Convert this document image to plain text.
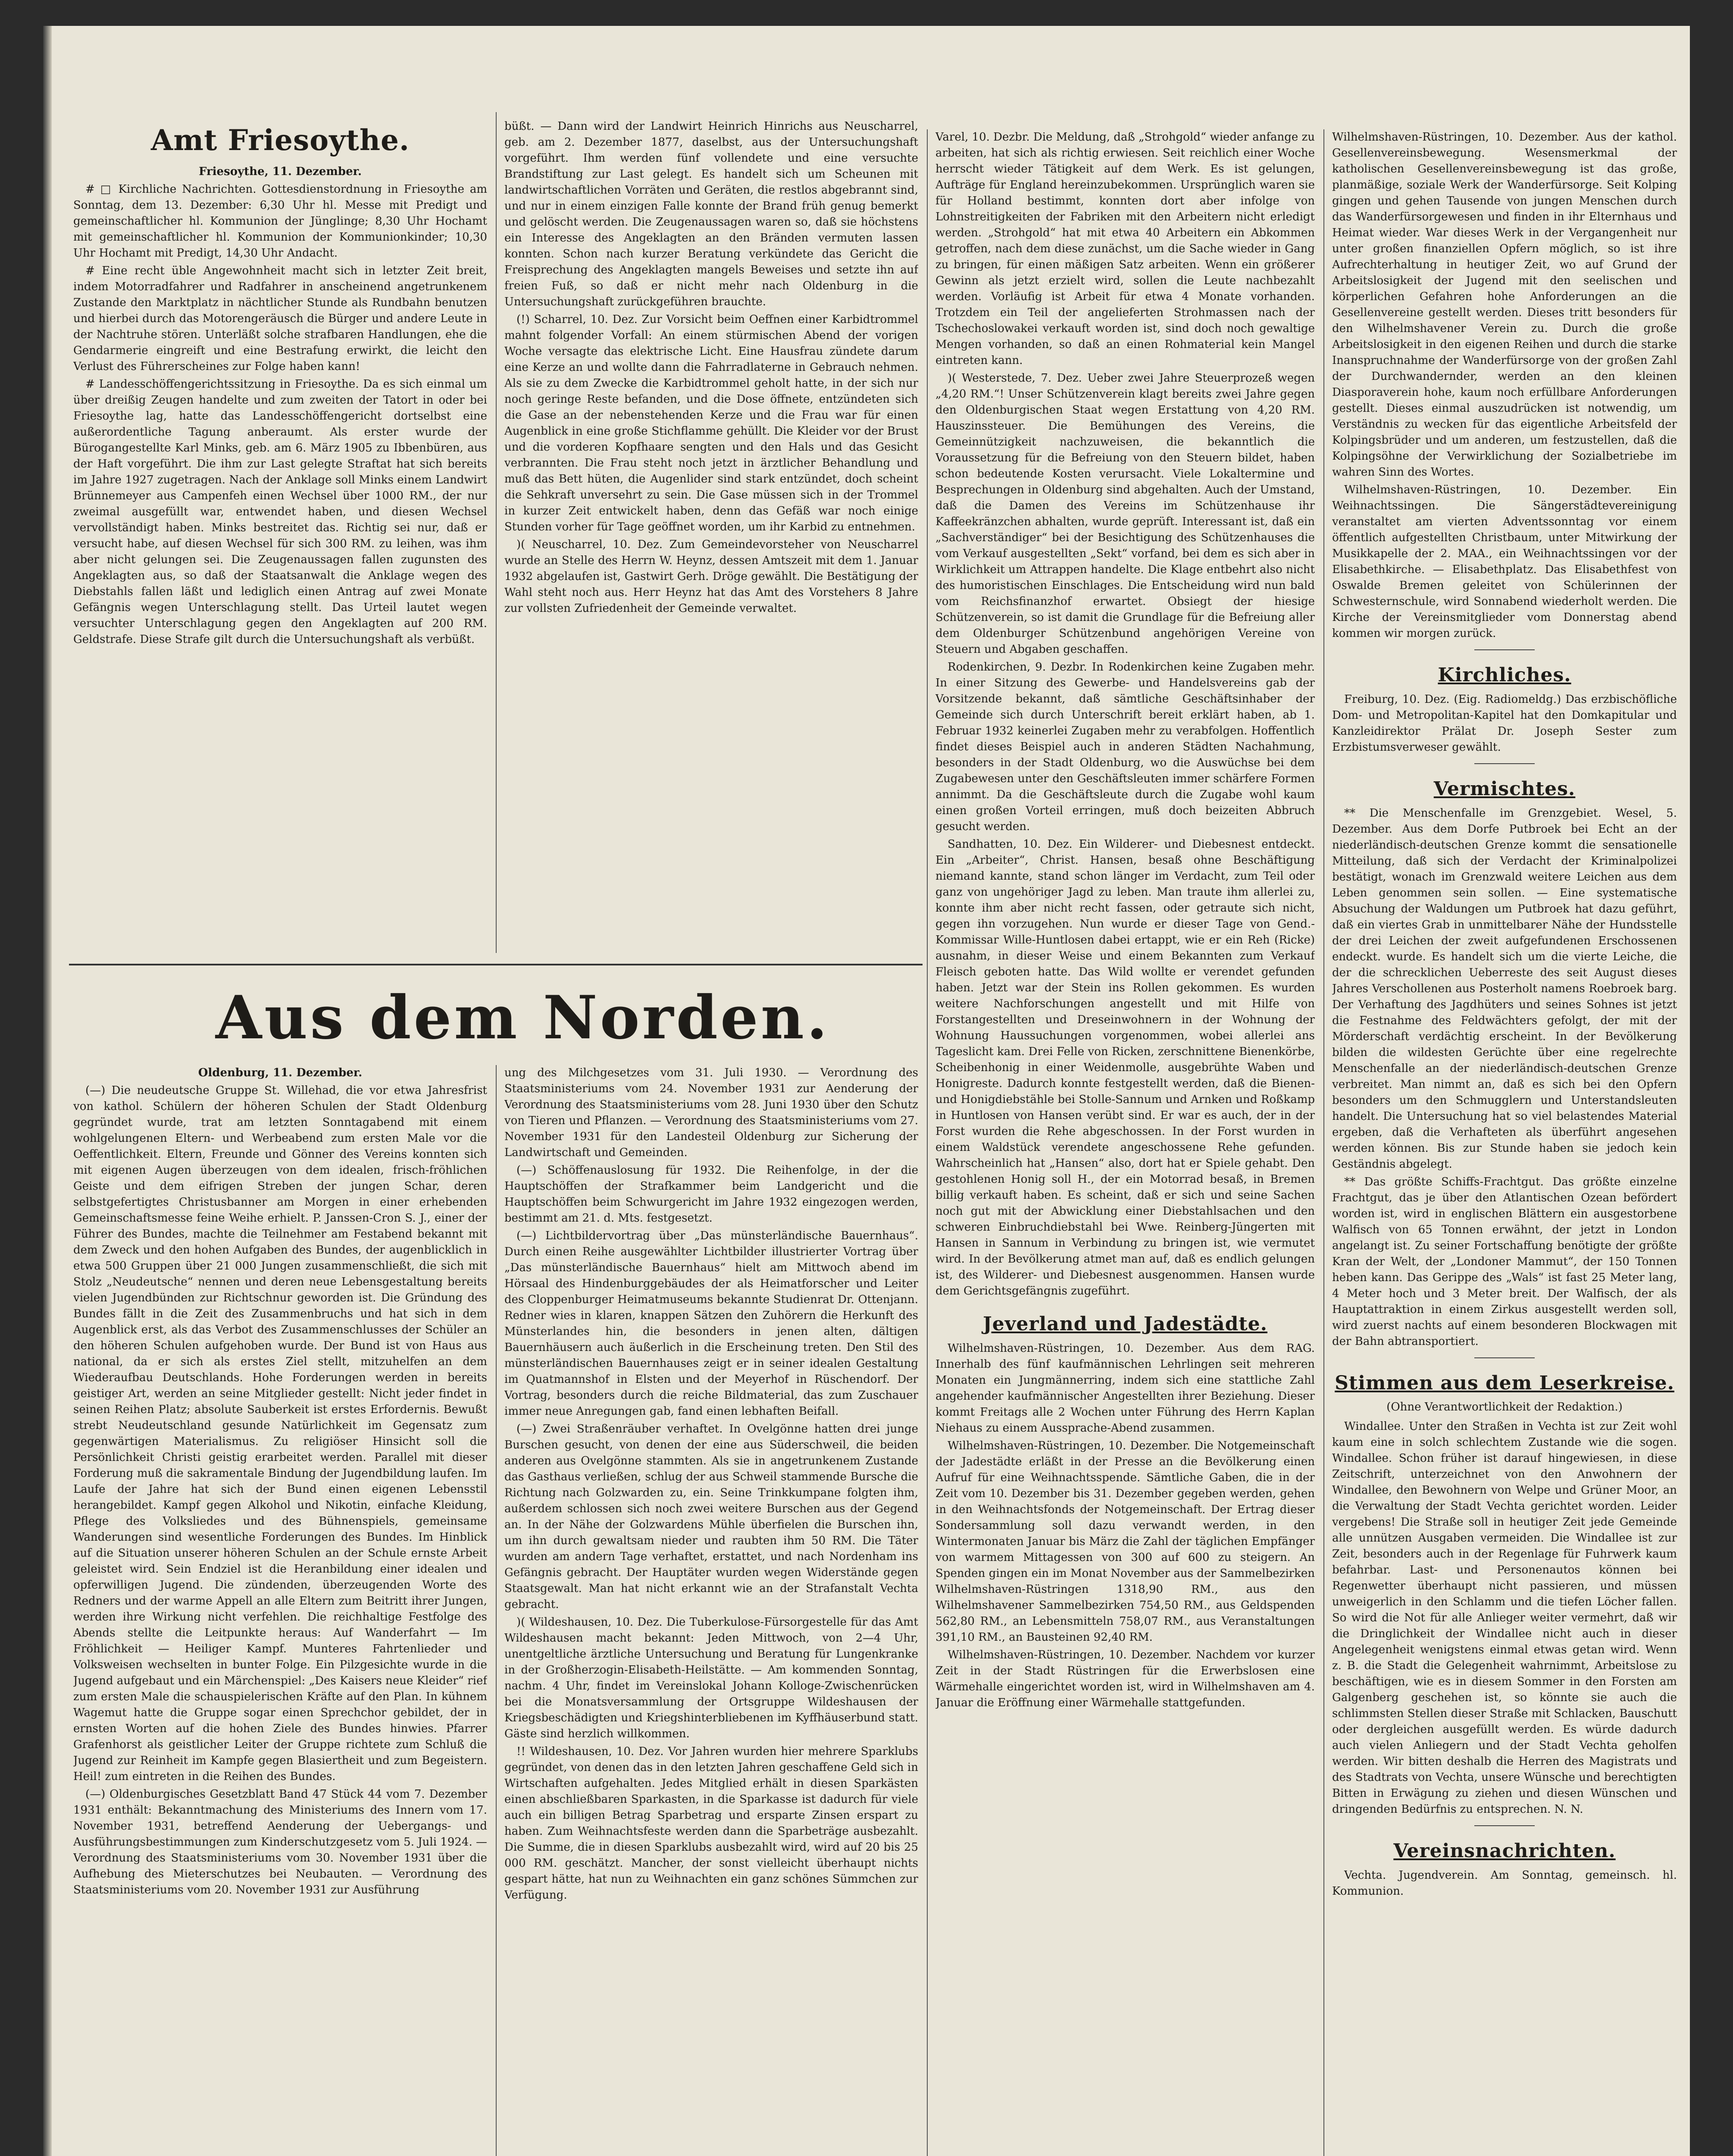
Amt Friesoythe.

Friesoythe, 11. Dezember.

# □ Kirchliche Nachrichten. Gottesdienstordnung in Friesoythe am Sonntag, dem 13. Dezember: 6,30 Uhr hl. Messe mit Predigt und gemeinschaftlicher hl. Kommunion der Jünglinge; 8,30 Uhr Hochamt mit gemeinschaftlicher hl. Kommunion der Kommunionkinder; 10,30 Uhr Hochamt mit Predigt, 14,30 Uhr Andacht.

# Eine recht üble Angewohnheit macht sich in letzter Zeit breit, indem Motorradfahrer und Radfahrer in anscheinend angetrunkenem Zustande den Marktplatz in nächtlicher Stunde als Rundbahn benutzen und hierbei durch das Motorengeräusch die Bürger und andere Leute in der Nachtruhe stören. Unterläßt solche strafbaren Handlungen, ehe die Gendarmerie eingreift und eine Bestrafung erwirkt, die leicht den Verlust des Führerscheines zur Folge haben kann!

# Landesschöffengerichtssitzung in Friesoythe. Da es sich einmal um über dreißig Zeugen handelte und zum zweiten der Tatort in oder bei Friesoythe lag, hatte das Landesschöffengericht dortselbst eine außerordentliche Tagung anberaumt. Als erster wurde der Bürogangestellte Karl Minks, geb. am 6. März 1905 zu Ibbenbüren, aus der Haft vorgeführt. Die ihm zur Last gelegte Straftat hat sich bereits im Jahre 1927 zugetragen. Nach der Anklage soll Minks einem Landwirt Brünnemeyer aus Campenfeh einen Wechsel über 1000 RM., der nur zweimal ausgefüllt war, entwendet haben, und diesen Wechsel vervollständigt haben. Minks bestreitet das. Richtig sei nur, daß er versucht habe, auf diesen Wechsel für sich 300 RM. zu leihen, was ihm aber nicht gelungen sei. Die Zeugenaussagen fallen zugunsten des Angeklagten aus, so daß der Staatsanwalt die Anklage wegen des Diebstahls fallen läßt und lediglich einen Antrag auf zwei Monate Gefängnis wegen Unterschlagung stellt. Das Urteil lautet wegen versuchter Unterschlagung gegen den Angeklagten auf 200 RM. Geldstrafe. Diese Strafe gilt durch die Untersuchungshaft als verbüßt.

büßt. — Dann wird der Landwirt Heinrich Hinrichs aus Neuscharrel, geb. am 2. Dezember 1877, daselbst, aus der Untersuchungshaft vorgeführt. Ihm werden fünf vollendete und eine versuchte Brandstiftung zur Last gelegt. Es handelt sich um Scheunen mit landwirtschaftlichen Vorräten und Geräten, die restlos abgebrannt sind, und nur in einem einzigen Falle konnte der Brand früh genug bemerkt und gelöscht werden. Die Zeugenaussagen waren so, daß sie höchstens ein Interesse des Angeklagten an den Bränden vermuten lassen konnten. Schon nach kurzer Beratung verkündete das Gericht die Freisprechung des Angeklagten mangels Beweises und setzte ihn auf freien Fuß, so daß er nicht mehr nach Oldenburg in die Untersuchungshaft zurückgeführen brauchte.

(!) Scharrel, 10. Dez. Zur Vorsicht beim Oeffnen einer Karbidtrommel mahnt folgender Vorfall: An einem stürmischen Abend der vorigen Woche versagte das elektrische Licht. Eine Hausfrau zündete darum eine Kerze an und wollte dann die Fahrradlaterne in Gebrauch nehmen. Als sie zu dem Zwecke die Karbidtrommel geholt hatte, in der sich nur noch geringe Reste befanden, und die Dose öffnete, entzündeten sich die Gase an der nebenstehenden Kerze und die Frau war für einen Augenblick in eine große Stichflamme gehüllt. Die Kleider vor der Brust und die vorderen Kopfhaare sengten und den Hals und das Gesicht verbrannten. Die Frau steht noch jetzt in ärztlicher Behandlung und muß das Bett hüten, die Augenlider sind stark entzündet, doch scheint die Sehkraft unversehrt zu sein. Die Gase müssen sich in der Trommel in kurzer Zeit entwickelt haben, denn das Gefäß war noch einige Stunden vorher für Tage geöffnet worden, um ihr Karbid zu entnehmen.

)( Neuscharrel, 10. Dez. Zum Gemeindevorsteher von Neuscharrel wurde an Stelle des Herrn W. Heynz, dessen Amtszeit mit dem 1. Januar 1932 abgelaufen ist, Gastwirt Gerh. Dröge gewählt. Die Bestätigung der Wahl steht noch aus. Herr Heynz hat das Amt des Vorstehers 8 Jahre zur vollsten Zufriedenheit der Gemeinde verwaltet.

Aus dem Norden.

Oldenburg, 11. Dezember.

(—) Die neudeutsche Gruppe St. Willehad, die vor etwa Jahresfrist von kathol. Schülern der höheren Schulen der Stadt Oldenburg gegründet wurde, trat am letzten Sonntagabend mit einem wohlgelungenen Eltern- und Werbeabend zum ersten Male vor die Oeffentlichkeit. Eltern, Freunde und Gönner des Vereins konnten sich mit eigenen Augen überzeugen von dem idealen, frisch-fröhlichen Geiste und dem eifrigen Streben der jungen Schar, deren selbstgefertigtes Christusbanner am Morgen in einer erhebenden Gemeinschaftsmesse feine Weihe erhielt. P. Janssen-Cron S. J., einer der Führer des Bundes, machte die Teilnehmer am Festabend bekannt mit dem Zweck und den hohen Aufgaben des Bundes, der augenblicklich in etwa 500 Gruppen über 21 000 Jungen zusammenschließt, die sich mit Stolz „Neudeutsche“ nennen und deren neue Lebensgestaltung bereits vielen Jugendbünden zur Richtschnur geworden ist. Die Gründung des Bundes fällt in die Zeit des Zusammenbruchs und hat sich in dem Augenblick erst, als das Verbot des Zusammenschlusses der Schüler an den höheren Schulen aufgehoben wurde. Der Bund ist von Haus aus national, da er sich als erstes Ziel stellt, mitzuhelfen an dem Wiederaufbau Deutschlands. Hohe Forderungen werden in bereits geistiger Art, werden an seine Mitglieder gestellt: Nicht jeder findet in seinen Reihen Platz; absolute Sauberkeit ist erstes Erfordernis. Bewußt strebt Neudeutschland gesunde Natürlichkeit im Gegensatz zum gegenwärtigen Materialismus. Zu religiöser Hinsicht soll die Persönlichkeit Christi geistig erarbeitet werden. Parallel mit dieser Forderung muß die sakramentale Bindung der Jugendbildung laufen. Im Laufe der Jahre hat sich der Bund einen eigenen Lebensstil herangebildet. Kampf gegen Alkohol und Nikotin, einfache Kleidung, Pflege des Volksliedes und des Bühnenspiels, gemeinsame Wanderungen sind wesentliche Forderungen des Bundes. Im Hinblick auf die Situation unserer höheren Schulen an der Schule ernste Arbeit geleistet wird. Sein Endziel ist die Heranbildung einer idealen und opferwilligen Jugend. Die zündenden, überzeugenden Worte des Redners und der warme Appell an alle Eltern zum Beitritt ihrer Jungen, werden ihre Wirkung nicht verfehlen. Die reichhaltige Festfolge des Abends stellte die Leitpunkte heraus: Auf Wanderfahrt — Im Fröhlichkeit — Heiliger Kampf. Munteres Fahrtenlieder und Volksweisen wechselten in bunter Folge. Ein Pilzgesichte wurde in die Jugend aufgebaut und ein Märchenspiel: „Des Kaisers neue Kleider“ rief zum ersten Male die schauspielerischen Kräfte auf den Plan. In kühnem Wagemut hatte die Gruppe sogar einen Sprechchor gebildet, der in ernsten Worten auf die hohen Ziele des Bundes hinwies. Pfarrer Grafenhorst als geistlicher Leiter der Gruppe richtete zum Schluß die Jugend zur Reinheit im Kampfe gegen Blasiertheit und zum Begeistern. Heil! zum eintreten in die Reihen des Bundes.

(—) Oldenburgisches Gesetzblatt Band 47 Stück 44 vom 7. Dezember 1931 enthält: Bekanntmachung des Ministeriums des Innern vom 17. November 1931, betreffend Aenderung der Uebergangs- und Ausführungsbestimmungen zum Kinderschutzgesetz vom 5. Juli 1924. — Verordnung des Staatsministeriums vom 30. November 1931 über die Aufhebung des Mieterschutzes bei Neubauten. — Verordnung des Staatsministeriums vom 20. November 1931 zur Ausführung

ung des Milchgesetzes vom 31. Juli 1930. — Verordnung des Staatsministeriums vom 24. November 1931 zur Aenderung der Verordnung des Staatsministeriums vom 28. Juni 1930 über den Schutz von Tieren und Pflanzen. — Verordnung des Staatsministeriums vom 27. November 1931 für den Landesteil Oldenburg zur Sicherung der Landwirtschaft und Gemeinden.

(—) Schöffenauslosung für 1932. Die Reihenfolge, in der die Hauptschöffen der Strafkammer beim Landgericht und die Hauptschöffen beim Schwurgericht im Jahre 1932 eingezogen werden, bestimmt am 21. d. Mts. festgesetzt.

(—) Lichtbildervortrag über „Das münsterländische Bauernhaus“. Durch einen Reihe ausgewählter Lichtbilder illustrierter Vortrag über „Das münsterländische Bauernhaus“ hielt am Mittwoch abend im Hörsaal des Hindenburggebäudes der als Heimatforscher und Leiter des Cloppenburger Heimatmuseums bekannte Studienrat Dr. Ottenjann. Redner wies in klaren, knappen Sätzen den Zuhörern die Herkunft des Münsterlandes hin, die besonders in jenen alten, dältigen Bauernhäusern auch äußerlich in die Erscheinung treten. Den Stil des münsterländischen Bauernhauses zeigt er in seiner idealen Gestaltung im Quatmannshof in Elsten und der Meyerhof in Rüschendorf. Der Vortrag, besonders durch die reiche Bildmaterial, das zum Zuschauer immer neue Anregungen gab, fand einen lebhaften Beifall.

(—) Zwei Straßenräuber verhaftet. In Ovelgönne hatten drei junge Burschen gesucht, von denen der eine aus Süderschweil, die beiden anderen aus Ovelgönne stammten. Als sie in angetrunkenem Zustande das Gasthaus verließen, schlug der aus Schweil stammende Bursche die Richtung nach Golzwarden zu, ein. Seine Trinkkumpane folgten ihm, außerdem schlossen sich noch zwei weitere Burschen aus der Gegend an. In der Nähe der Golzwardens Mühle überfielen die Burschen ihn, um ihn durch gewaltsam nieder und raubten ihm 50 RM. Die Täter wurden am andern Tage verhaftet, erstattet, und nach Nordenham ins Gefängnis gebracht. Der Hauptäter wurden wegen Widerstände gegen Staatsgewalt. Man hat nicht erkannt wie an der Strafanstalt Vechta gebracht.

)( Wildeshausen, 10. Dez. Die Tuberkulose-Fürsorgestelle für das Amt Wildeshausen macht bekannt: Jeden Mittwoch, von 2—4 Uhr, unentgeltliche ärztliche Untersuchung und Beratung für Lungenkranke in der Großherzogin-Elisabeth-Heilstätte. — Am kommenden Sonntag, nachm. 4 Uhr, findet im Vereinslokal Johann Kolloge-Zwischenrücken bei die Monatsversammlung der Ortsgruppe Wildeshausen der Kriegsbeschädigten und Kriegshinterbliebenen im Kyffhäuserbund statt. Gäste sind herzlich willkommen.

!! Wildeshausen, 10. Dez. Vor Jahren wurden hier mehrere Sparklubs gegründet, von denen das in den letzten Jahren geschaffene Geld sich in Wirtschaften aufgehalten. Jedes Mitglied erhält in diesen Sparkästen einen abschließbaren Sparkasten, in die Sparkasse ist dadurch für viele auch ein billigen Betrag Sparbetrag und ersparte Zinsen erspart zu haben. Zum Weihnachtsfeste werden dann die Sparbeträge ausbezahlt. Die Summe, die in diesen Sparklubs ausbezahlt wird, wird auf 20 bis 25 000 RM. geschätzt. Mancher, der sonst vielleicht überhaupt nichts gespart hätte, hat nun zu Weihnachten ein ganz schönes Sümmchen zur Verfügung.

Varel, 10. Dezbr. Die Meldung, daß „Strohgold“ wieder anfange zu arbeiten, hat sich als richtig erwiesen. Seit reichlich einer Woche herrscht wieder Tätigkeit auf dem Werk. Es ist gelungen, Aufträge für England hereinzubekommen. Ursprünglich waren sie für Holland bestimmt, konnten dort aber infolge von Lohnstreitigkeiten der Fabriken mit den Arbeitern nicht erledigt werden. „Strohgold“ hat mit etwa 40 Arbeitern ein Abkommen getroffen, nach dem diese zunächst, um die Sache wieder in Gang zu bringen, für einen mäßigen Satz arbeiten. Wenn ein größerer Gewinn als jetzt erzielt wird, sollen die Leute nachbezahlt werden. Vorläufig ist Arbeit für etwa 4 Monate vorhanden. Trotzdem ein Teil der angelieferten Strohmassen nach der Tschechoslowakei verkauft worden ist, sind doch noch gewaltige Mengen vorhanden, so daß an einen Rohmaterial kein Mangel eintreten kann.

)( Westerstede, 7. Dez. Ueber zwei Jahre Steuerprozeß wegen „4,20 RM.“! Unser Schützenverein klagt bereits zwei Jahre gegen den Oldenburgischen Staat wegen Erstattung von 4,20 RM. Hauszinssteuer. Die Bemühungen des Vereins, die Gemeinnützigkeit nachzuweisen, die bekanntlich die Voraussetzung für die Befreiung von den Steuern bildet, haben schon bedeutende Kosten verursacht. Viele Lokaltermine und Besprechungen in Oldenburg sind abgehalten. Auch der Umstand, daß die Damen des Vereins im Schützenhause ihr Kaffeekränzchen abhalten, wurde geprüft. Interessant ist, daß ein „Sachverständiger“ bei der Besichtigung des Schützenhauses die vom Verkauf ausgestellten „Sekt“ vorfand, bei dem es sich aber in Wirklichkeit um Attrappen handelte. Die Klage entbehrt also nicht des humoristischen Einschlages. Die Entscheidung wird nun bald vom Reichsfinanzhof erwartet. Obsiegt der hiesige Schützenverein, so ist damit die Grundlage für die Befreiung aller dem Oldenburger Schützenbund angehörigen Vereine von Steuern und Abgaben geschaffen.

Rodenkirchen, 9. Dezbr. In Rodenkirchen keine Zugaben mehr. In einer Sitzung des Gewerbe- und Handelsvereins gab der Vorsitzende bekannt, daß sämtliche Geschäftsinhaber der Gemeinde sich durch Unterschrift bereit erklärt haben, ab 1. Februar 1932 keinerlei Zugaben mehr zu verabfolgen. Hoffentlich findet dieses Beispiel auch in anderen Städten Nachahmung, besonders in der Stadt Oldenburg, wo die Auswüchse bei dem Zugabewesen unter den Geschäftsleuten immer schärfere Formen annimmt. Da die Geschäftsleute durch die Zugabe wohl kaum einen großen Vorteil erringen, muß doch beizeiten Abbruch gesucht werden.

Sandhatten, 10. Dez. Ein Wilderer- und Diebesnest entdeckt. Ein „Arbeiter“, Christ. Hansen, besaß ohne Beschäftigung niemand kannte, stand schon länger im Verdacht, zum Teil oder ganz von ungehöriger Jagd zu leben. Man traute ihm allerlei zu, konnte ihm aber nicht recht fassen, oder getraute sich nicht, gegen ihn vorzugehen. Nun wurde er dieser Tage von Gend.-Kommissar Wille-Huntlosen dabei ertappt, wie er ein Reh (Ricke) ausnahm, in dieser Weise und einem Bekannten zum Verkauf Fleisch geboten hatte. Das Wild wollte er verendet gefunden haben. Jetzt war der Stein ins Rollen gekommen. Es wurden weitere Nachforschungen angestellt und mit Hilfe von Forstangestellten und Dreseinwohnern in der Wohnung der Wohnung Haussuchungen vorgenommen, wobei allerlei ans Tageslicht kam. Drei Felle von Ricken, zerschnittene Bienenkörbe, Scheibenhonig in einer Weidenmolle, ausgebrühte Waben und Honigreste. Dadurch konnte festgestellt werden, daß die Bienen- und Honigdiebstähle bei Stolle-Sannum und Arnken und Roßkamp in Huntlosen von Hansen verübt sind. Er war es auch, der in der Forst wurden die Rehe abgeschossen. In der Forst wurden in einem Waldstück verendete angeschossene Rehe gefunden. Wahrscheinlich hat „Hansen“ also, dort hat er Spiele gehabt. Den gestohlenen Honig soll H., der ein Motorrad besaß, in Bremen billig verkauft haben. Es scheint, daß er sich und seine Sachen noch gut mit der Abwicklung einer Diebstahlsachen und den schweren Einbruchdiebstahl bei Wwe. Reinberg-Jüngerten mit Hansen in Sannum in Verbindung zu bringen ist, wie vermutet wird. In der Bevölkerung atmet man auf, daß es endlich gelungen ist, des Wilderer- und Diebesnest ausgenommen. Hansen wurde dem Gerichtsgefängnis zugeführt.

Jeverland und Jadestädte.

Wilhelmshaven-Rüstringen, 10. Dezember. Aus dem RAG. Innerhalb des fünf kaufmännischen Lehrlingen seit mehreren Monaten ein Jungmännerring, indem sich eine stattliche Zahl angehender kaufmännischer Angestellten ihrer Beziehung. Dieser kommt Freitags alle 2 Wochen unter Führung des Herrn Kaplan Niehaus zu einem Aussprache-Abend zusammen.

Wilhelmshaven-Rüstringen, 10. Dezember. Die Notgemeinschaft der Jadestädte erläßt in der Presse an die Bevölkerung einen Aufruf für eine Weihnachtsspende. Sämtliche Gaben, die in der Zeit vom 10. Dezember bis 31. Dezember gegeben werden, gehen in den Weihnachtsfonds der Notgemeinschaft. Der Ertrag dieser Sondersammlung soll dazu verwandt werden, in den Wintermonaten Januar bis März die Zahl der täglichen Empfänger von warmem Mittagessen von 300 auf 600 zu steigern. An Spenden gingen ein im Monat November aus der Sammelbezirken Wilhelmshaven-Rüstringen 1318,90 RM., aus den Wilhelmshavener Sammelbezirken 754,50 RM., aus Geldspenden 562,80 RM., an Lebensmitteln 758,07 RM., aus Veranstaltungen 391,10 RM., an Bausteinen 92,40 RM.

Wilhelmshaven-Rüstringen, 10. Dezember. Nachdem vor kurzer Zeit in der Stadt Rüstringen für die Erwerbslosen eine Wärmehalle eingerichtet worden ist, wird in Wilhelmshaven am 4. Januar die Eröffnung einer Wärmehalle stattgefunden.

Wilhelmshaven-Rüstringen, 10. Dezember. Aus der kathol. Gesellenvereinsbewegung. Wesensmerkmal der katholischen Gesellenvereinsbewegung ist das große, planmäßige, soziale Werk der Wanderfürsorge. Seit Kolping gingen und gehen Tausende von jungen Menschen durch das Wanderfürsorgewesen und finden in ihr Elternhaus und Heimat wieder. War dieses Werk in der Vergangenheit nur unter großen finanziellen Opfern möglich, so ist ihre Aufrechterhaltung in heutiger Zeit, wo auf Grund der Arbeitslosigkeit der Jugend mit den seelischen und körperlichen Gefahren hohe Anforderungen an die Gesellenvereine gestellt werden. Dieses tritt besonders für den Wilhelmshavener Verein zu. Durch die große Arbeitslosigkeit in den eigenen Reihen und durch die starke Inanspruchnahme der Wanderfürsorge von der großen Zahl der Durchwandernder, werden an den kleinen Diasporaverein hohe, kaum noch erfüllbare Anforderungen gestellt. Dieses einmal auszudrücken ist notwendig, um Verständnis zu wecken für das eigentliche Arbeitsfeld der Kolpingsbrüder und um anderen, um festzustellen, daß die Kolpingsöhne der Verwirklichung der Sozialbetriebe im wahren Sinn des Wortes.

Wilhelmshaven-Rüstringen, 10. Dezember. Ein Weihnachtssingen. Die Sängerstädtevereinigung veranstaltet am vierten Adventssonntag vor einem öffentlich aufgestellten Christbaum, unter Mitwirkung der Musikkapelle der 2. MAA., ein Weihnachtssingen vor der Elisabethkirche. — Elisabethplatz. Das Elisabethfest von Oswalde Bremen geleitet von Schülerinnen der Schwesternschule, wird Sonnabend wiederholt werden. Die Kirche der Vereinsmitglieder vom Donnerstag abend kommen wir morgen zurück.

Kirchliches.

Freiburg, 10. Dez. (Eig. Radiomeldg.) Das erzbischöfliche Dom- und Metropolitan-Kapitel hat den Domkapitular und Kanzleidirektor Prälat Dr. Joseph Sester zum Erzbistumsverweser gewählt.

Vermischtes.

** Die Menschenfalle im Grenzgebiet. Wesel, 5. Dezember. Aus dem Dorfe Putbroek bei Echt an der niederländisch-deutschen Grenze kommt die sensationelle Mitteilung, daß sich der Verdacht der Kriminalpolizei bestätigt, wonach im Grenzwald weitere Leichen aus dem Leben genommen sein sollen. — Eine systematische Absuchung der Waldungen um Putbroek hat dazu geführt, daß ein viertes Grab in unmittelbarer Nähe der Hundsstelle der drei Leichen der zweit aufgefundenen Erschossenen endeckt. wurde. Es handelt sich um die vierte Leiche, die der die schrecklichen Ueberreste des seit August dieses Jahres Verschollenen aus Posterholt namens Roebroek barg. Der Verhaftung des Jagdhüters und seines Sohnes ist jetzt die Festnahme des Feldwächters gefolgt, der mit der Mörderschaft verdächtig erscheint. In der Bevölkerung bilden die wildesten Gerüchte über eine regelrechte Menschenfalle an der niederländisch-deutschen Grenze verbreitet. Man nimmt an, daß es sich bei den Opfern besonders um den Schmugglern und Unterstandsleuten handelt. Die Untersuchung hat so viel belastendes Material ergeben, daß die Verhafteten als überführt angesehen werden können. Bis zur Stunde haben sie jedoch kein Geständnis abgelegt.

** Das größte Schiffs-Frachtgut. Das größte einzelne Frachtgut, das je über den Atlantischen Ozean befördert worden ist, wird in englischen Blättern ein ausgestorbene Walfisch von 65 Tonnen erwähnt, der jetzt in London angelangt ist. Zu seiner Fortschaffung benötigte der größte Kran der Welt, der „Londoner Mammut“, der 150 Tonnen heben kann. Das Gerippe des „Wals“ ist fast 25 Meter lang, 4 Meter hoch und 3 Meter breit. Der Walfisch, der als Hauptattraktion in einem Zirkus ausgestellt werden soll, wird zuerst nachts auf einem besonderen Blockwagen mit der Bahn abtransportiert.

Stimmen aus dem Leserkreise.
(Ohne Verantwortlichkeit der Redaktion.)

Windallee. Unter den Straßen in Vechta ist zur Zeit wohl kaum eine in solch schlechtem Zustande wie die sogen. Windallee. Schon früher ist darauf hingewiesen, in diese Zeitschrift, unterzeichnet von den Anwohnern der Windallee, den Bewohnern von Welpe und Grüner Moor, an die Verwaltung der Stadt Vechta gerichtet worden. Leider vergebens! Die Straße soll in heutiger Zeit jede Gemeinde alle unnützen Ausgaben vermeiden. Die Windallee ist zur Zeit, besonders auch in der Regenlage für Fuhrwerk kaum befahrbar. Last- und Personenautos können bei Regenwetter überhaupt nicht passieren, und müssen unweigerlich in den Schlamm und die tiefen Löcher fallen. So wird die Not für alle Anlieger weiter vermehrt, daß wir die Dringlichkeit der Windallee nicht auch in dieser Angelegenheit wenigstens einmal etwas getan wird. Wenn z. B. die Stadt die Gelegenheit wahrnimmt, Arbeitslose zu beschäftigen, wie es in diesem Sommer in den Forsten am Galgenberg geschehen ist, so könnte sie auch die schlimmsten Stellen dieser Straße mit Schlacken, Bauschutt oder dergleichen ausgefüllt werden. Es würde dadurch auch vielen Anliegern und der Stadt Vechta geholfen werden. Wir bitten deshalb die Herren des Magistrats und des Stadtrats von Vechta, unsere Wünsche und berechtigten Bitten in Erwägung zu ziehen und diesen Wünschen und dringenden Bedürfnis zu entsprechen. N. N.

Vereinsnachrichten.

Vechta. Jugendverein. Am Sonntag, gemeinsch. hl. Kommunion.
